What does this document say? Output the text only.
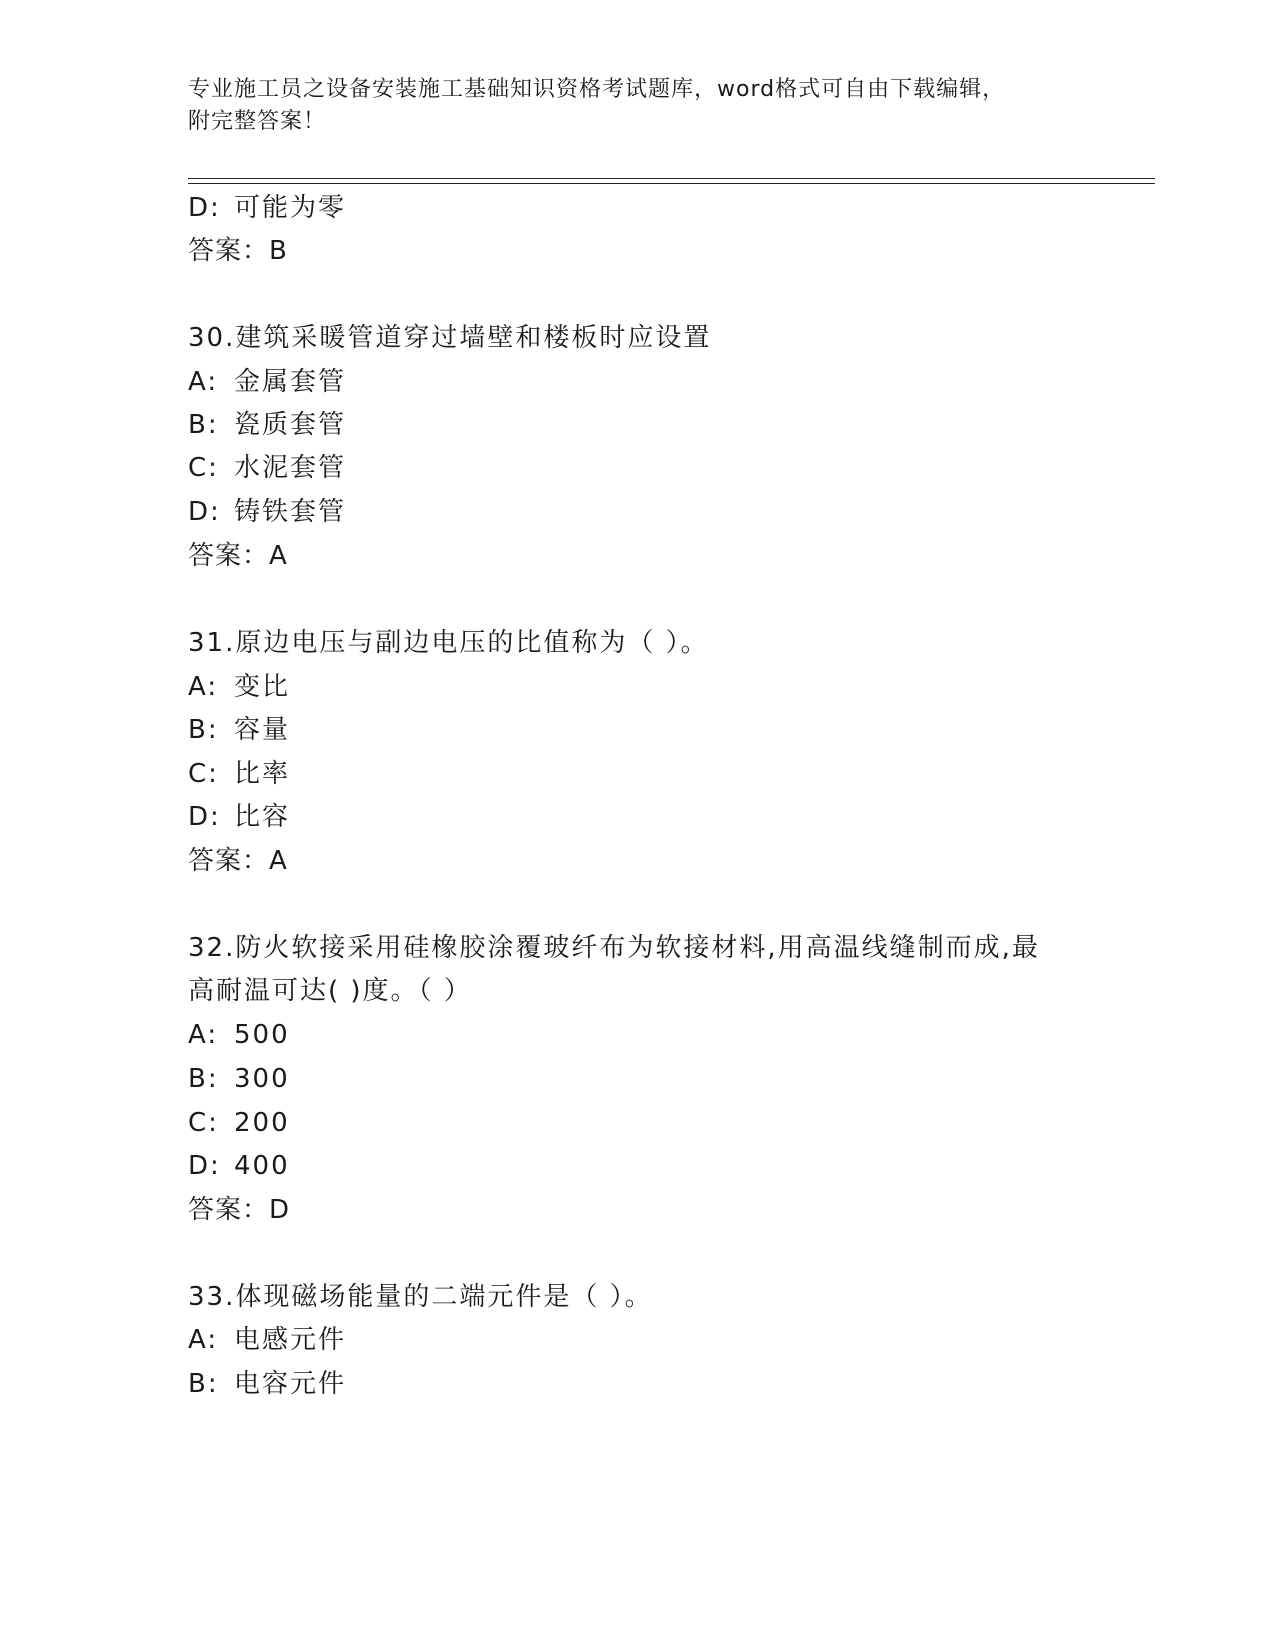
专业施工员之设备安装施工基础知识资格考试题库，word格式可自由下载编辑，
附完整答案！
D: 可能为零
答案：B
30.建筑采暖管道穿过墙壁和楼板时应设置
A: 金属套管
B: 瓷质套管
C: 水泥套管
D: 铸铁套管
答案：A
31.原边电压与副边电压的比值称为（ ）。
A: 变比
B: 容量
C: 比率
D: 比容
答案：A
32.防火软接采用硅橡胶涂覆玻纤布为软接材料,用高温线缝制而成,最
高耐温可达( )度。（ ）
A: 500
B: 300
C: 200
D: 400
答案：D
33.体现磁场能量的二端元件是（ ）。
A: 电感元件
B: 电容元件
